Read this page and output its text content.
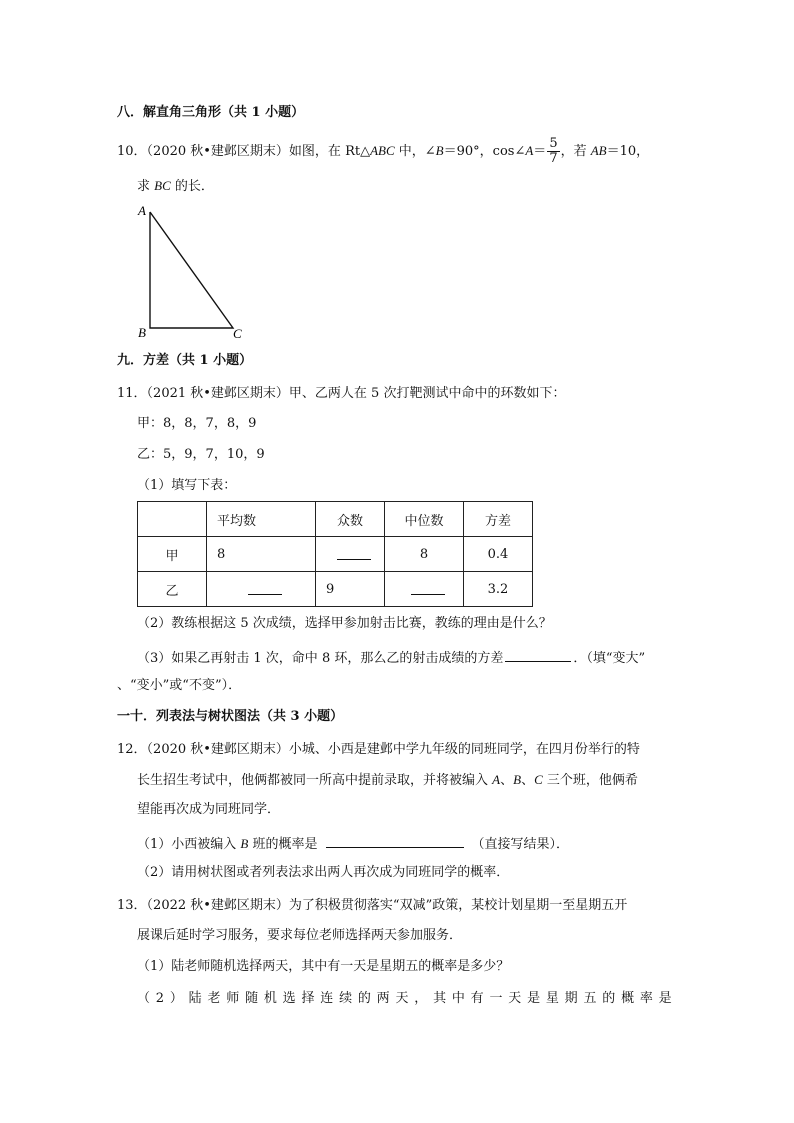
八．解直角三角形（共 1 小题）
10．（2020 秋•建邺区期末）如图，在 Rt△ABC 中，∠B＝90°，cos∠A＝ $\frac{5}{7}$ ，若 AB＝10，
求 BC 的长．
A
B	C
九．方差（共 1 小题）
11．（2021 秋•建邺区期末）甲、乙两人在 5 次打靶测试中命中的环数如下：
甲：8，8，7，8，9
乙：5，9，7，10，9
（1）填写下表：
	平均数	众数	中位数	方差
甲	8		8	0.4
乙		9		3.2
（2）教练根据这 5 次成绩，选择甲参加射击比赛，教练的理由是什么？
（3）如果乙再射击 1 次，命中 8 环，那么乙的射击成绩的方差	．（填“变大”
、“变小”或“不变”）．
一十．列表法与树状图法（共 3 小题）
12．（2020 秋•建邺区期末）小城、小西是建邺中学九年级的同班同学，在四月份举行的特
长生招生考试中，他俩都被同一所高中提前录取，并将被编入 A、B、C 三个班，他俩希
望能再次成为同班同学．
（1）小西被编入 B 班的概率是	（直接写结果）．
（2）请用树状图或者列表法求出两人再次成为同班同学的概率．
13．（2022 秋•建邺区期末）为了积极贯彻落实“双减”政策，某校计划星期一至星期五开
展课后延时学习服务，要求每位老师选择两天参加服务．
（1）陆老师随机选择两天，其中有一天是星期五的概率是多少？
（2）陆老师随机选择连续的两天，其中有一天是星期五的概率是
